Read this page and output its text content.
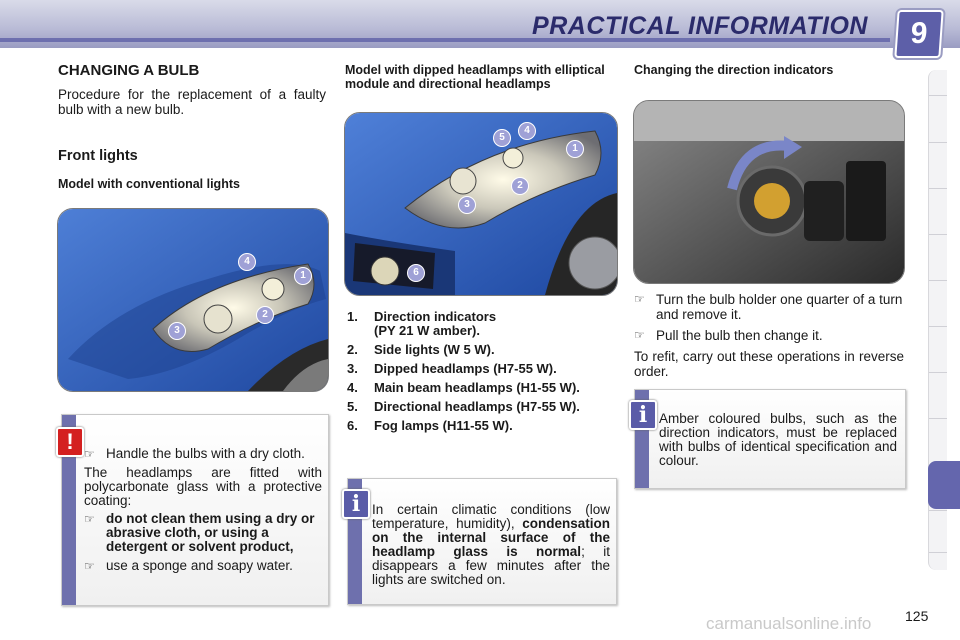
PRACTICAL INFORMATION	9
CHANGING A BULB

Procedure for the replacement of a faulty bulb with a new bulb.

Front lights
Model with conventional lights
4
1
2
3
! ☞ Handle the bulbs with a dry cloth.

The headlamps are fitted with polycarbonate glass with a protective coating:

☞ do not clean them using a dry or abrasive cloth, or using a detergent or solvent product,
☞ use a sponge and soapy water.
Model with dipped headlamps with elliptical module and directional headlamps
5
4
1
2
3
6
1.	Direction indicators
(PY 21 W amber).
2.	Side lights (W 5 W).
3.	Dipped headlamps (H7-55 W).
4.	Main beam headlamps (H1-55 W).
5.	Directional headlamps (H7-55 W).
6.	Fog lamps (H11-55 W).
i In certain climatic conditions (low temperature, humidity), condensation on the internal surface of the headlamp glass is normal; it disappears a few minutes after the lights are switched on.

Changing the direction indicators
☞ Turn the bulb holder one quarter of a turn and remove it.
☞ Pull the bulb then change it.

To refit, carry out these operations in reverse order.

i Amber coloured bulbs, such as the direction indicators, must be replaced with bulbs of identical specification and colour.

carmanualsonline.info 125
